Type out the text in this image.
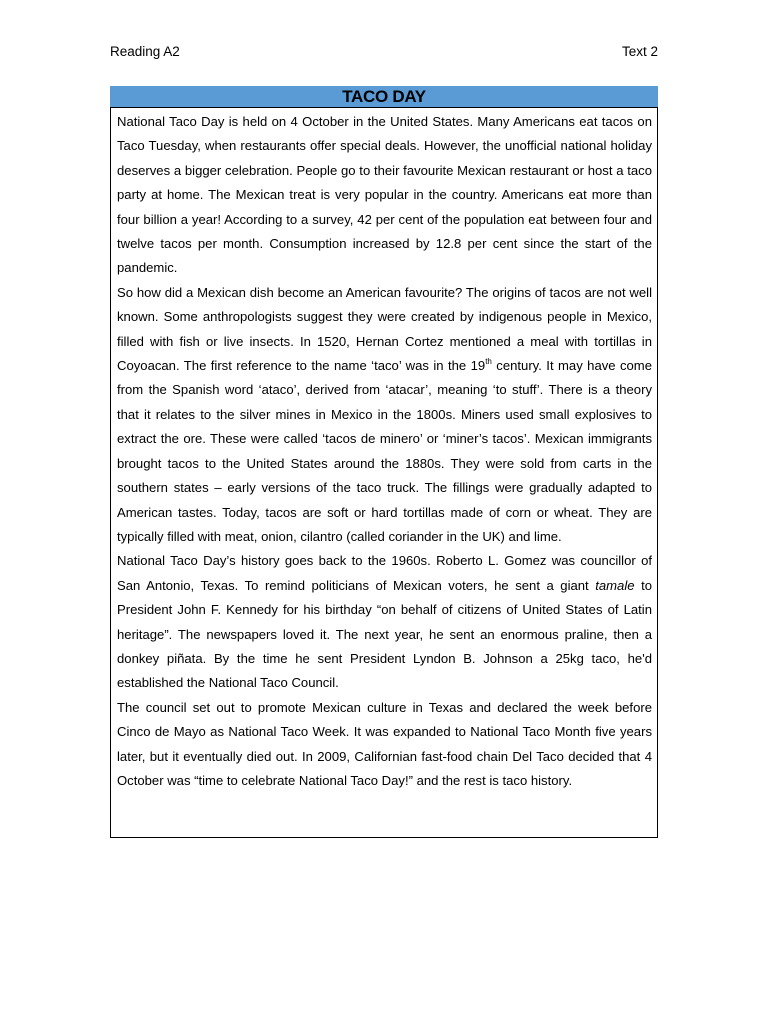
Reading A2	Text 2
TACO DAY

National Taco Day is held on 4 October in the United States. Many Americans eat tacos on Taco Tuesday, when restaurants offer special deals. However, the unofficial national holiday deserves a bigger celebration. People go to their favourite Mexican restaurant or host a taco party at home. The Mexican treat is very popular in the country. Americans eat more than four billion a year! According to a survey, 42 per cent of the population eat between four and twelve tacos per month. Consumption increased by 12.8 per cent since the start of the pandemic.

So how did a Mexican dish become an American favourite? The origins of tacos are not well known. Some anthropologists suggest they were created by indigenous people in Mexico, filled with fish or live insects. In 1520, Hernan Cortez mentioned a meal with tortillas in Coyoacan. The first reference to the name ‘taco’ was in the 19th century. It may have come from the Spanish word ‘ataco’, derived from ‘atacar’, meaning ‘to stuff’. There is a theory that it relates to the silver mines in Mexico in the 1800s. Miners used small explosives to extract the ore. These were called ‘tacos de minero’ or ‘miner’s tacos’. Mexican immigrants brought tacos to the United States around the 1880s. They were sold from carts in the southern states – early versions of the taco truck. The fillings were gradually adapted to American tastes. Today, tacos are soft or hard tortillas made of corn or wheat. They are typically filled with meat, onion, cilantro (called coriander in the UK) and lime.

National Taco Day’s history goes back to the 1960s. Roberto L. Gomez was councillor of San Antonio, Texas. To remind politicians of Mexican voters, he sent a giant tamale to President John F. Kennedy for his birthday “on behalf of citizens of United States of Latin heritage”. The newspapers loved it. The next year, he sent an enormous praline, then a donkey piñata. By the time he sent President Lyndon B. Johnson a 25kg taco, he'd established the National Taco Council.

The council set out to promote Mexican culture in Texas and declared the week before Cinco de Mayo as National Taco Week. It was expanded to National Taco Month five years later, but it eventually died out. In 2009, Californian fast-food chain Del Taco decided that 4 October was “time to celebrate National Taco Day!” and the rest is taco history.
